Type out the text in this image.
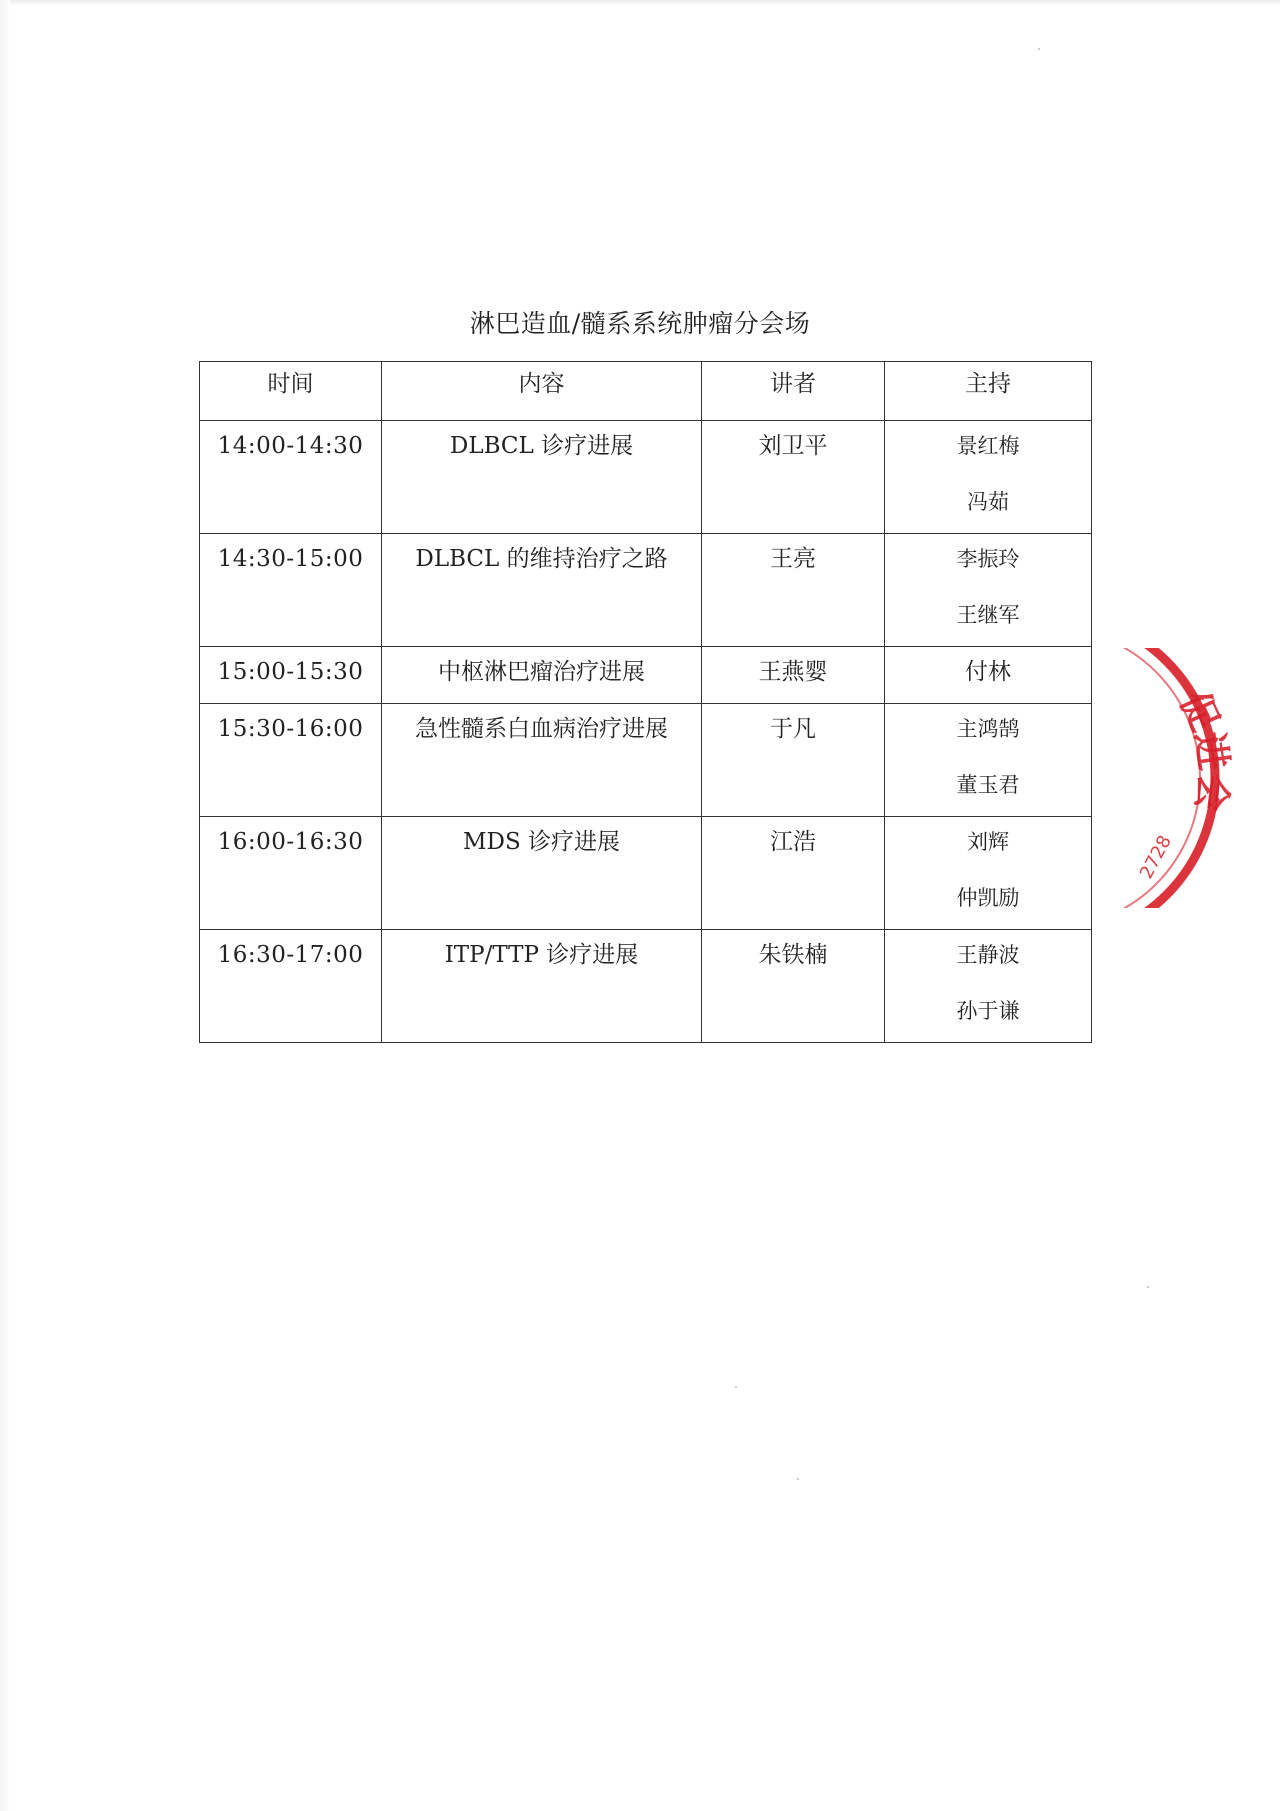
淋巴造血/髓系系统肿瘤分会场
时间	内容	讲者	主持
14:00-14:30	DLBCL 诊疗进展	刘卫平	景红梅
冯茹

14:30-15:00	DLBCL 的维持治疗之路	王亮	李振玲
王继军

15:00-15:30	中枢淋巴瘤治疗进展	王燕婴	付林

15:30-16:00	急性髓系白血病治疗进展	于凡	主鸿鹄
董玉君

16:00-16:30	MDS 诊疗进展	江浩	刘辉
仲凯励

16:30-17:00	ITP/TTP 诊疗进展	朱铁楠	王静波
孙于谦
促进会
2728
